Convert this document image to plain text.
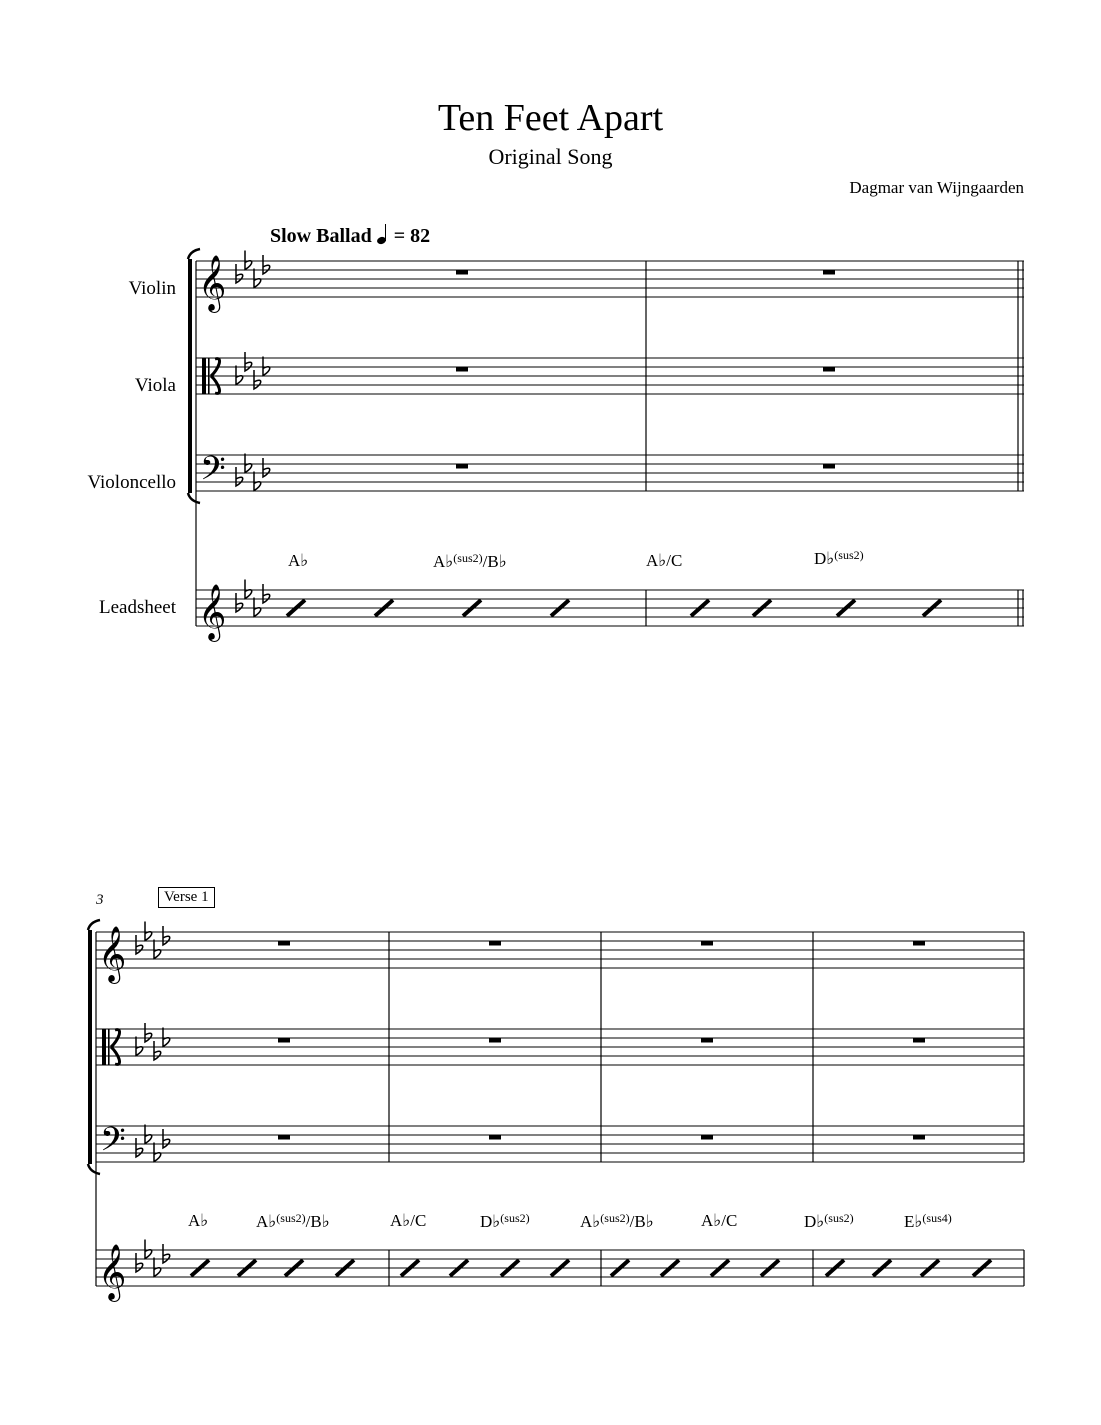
Ten Feet Apart
Original Song
Dagmar van Wijngaarden
Slow Ballad = 82
Violin
Viola
Violoncello
Leadsheet
3	Verse 1
A♭	A♭$^{(sus2)}$/B♭	A♭/C	D♭$^{(sus2)}$
A♭	A♭$^{(sus2)}$/B♭	A♭/C	D♭$^{(sus2)}$	A♭$^{(sus2)}$/B♭	A♭/C	D♭$^{(sus2)}$	E♭$^{(sus4)}$
𝄞
𝄢
𝄞
𝄞
𝄢
𝄞
